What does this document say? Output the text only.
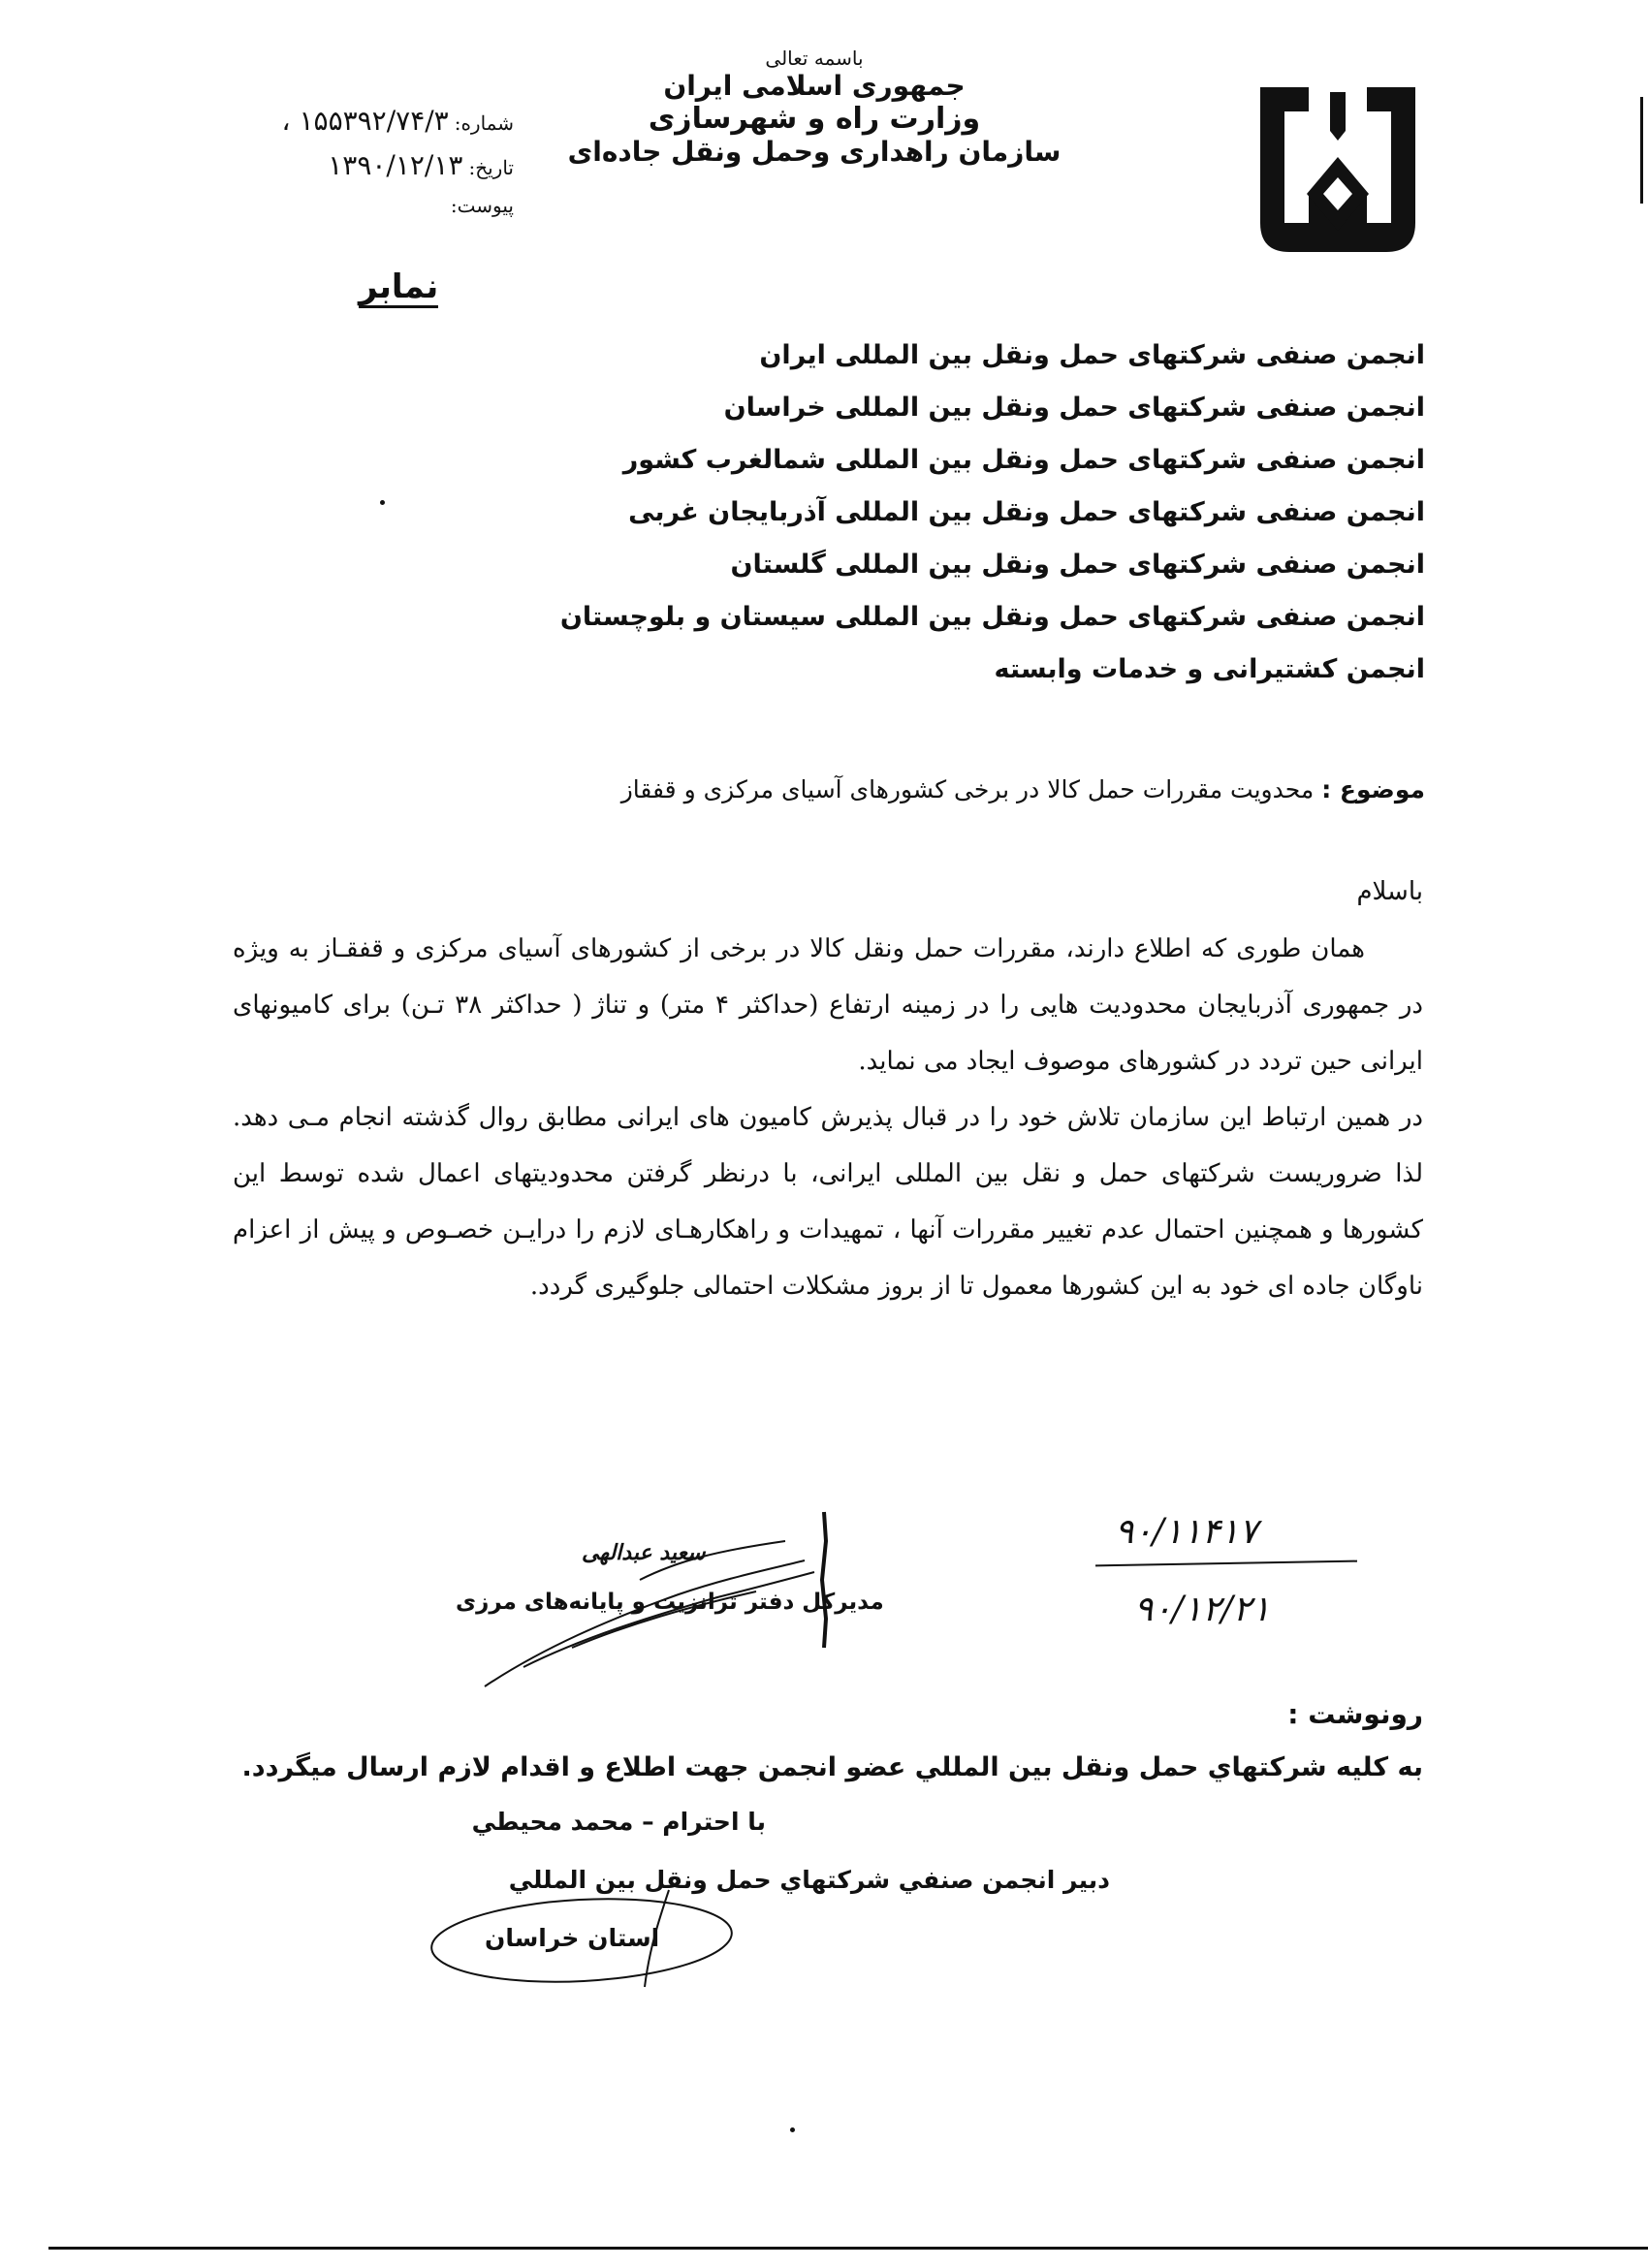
باسمه تعالی
جمهوری اسلامی ایران
وزارت راه و شهرسازی
سازمان راهداری وحمل ونقل جاده‌ای
شماره:
۱۵۵۳۹۲/۷۴/۳ ،
تاریخ:
۱۳۹۰/۱۲/۱۳
پیوست:
نمابر
انجمن صنفی شرکتهای حمل ونقل بین المللی ایران
انجمن صنفی شرکتهای حمل ونقل بین المللی خراسان
انجمن صنفی شرکتهای حمل ونقل بین المللی شمالغرب کشور
انجمن صنفی شرکتهای حمل ونقل بین المللی آذربایجان غربی
انجمن صنفی شرکتهای حمل ونقل بین المللی گلستان
انجمن صنفی شرکتهای حمل ونقل بین المللی سیستان و بلوچستان
انجمن کشتیرانی و خدمات وابسته
موضوع : محدویت مقررات حمل کالا در برخی کشورهای آسیای مرکزی و قفقاز
باسلام

همان طوری که اطلاع دارند، مقررات حمل ونقل کالا در برخی از کشورهای آسیای مرکزی و قفقـاز به ویژه در جمهوری آذربایجان محدودیت هایی را در زمینه ارتفاع (حداکثر ۴ متر) و تناژ ( حداکثر ۳۸ تـن) برای کامیونهای ایرانی حین تردد در کشورهای موصوف ایجاد می نماید.

در همین ارتباط این سازمان تلاش خود را در قبال پذیرش کامیون های ایرانی مطابق روال گذشته انجام مـی دهد. لذا ضروریست شرکتهای حمل و نقل بین المللی ایرانی، با درنظر گرفتن محدودیتهای اعمال شده توسط این کشورها و همچنین احتمال عدم تغییر مقررات آنها ، تمهیدات و راهکارهـای لازم را درایـن خصـوص و پیش از اعزام ناوگان جاده ای خود به این کشورها معمول تا از بروز مشکلات احتمالی جلوگیری گردد.

سعید عبدالهی
مدیرکل دفتر ترانزیت و پایانه‌های مرزی
۹۰/۱۱۴۱۷
۹۰/۱۲/۲۱
رونوشت :
به كليه شركتهاي حمل ونقل بين المللي عضو انجمن جهت اطلاع و اقدام لازم ارسال ميگردد.
با احترام – محمد محيطي
دبير انجمن صنفي شركتهاي حمل ونقل بين المللي
استان خراسان
